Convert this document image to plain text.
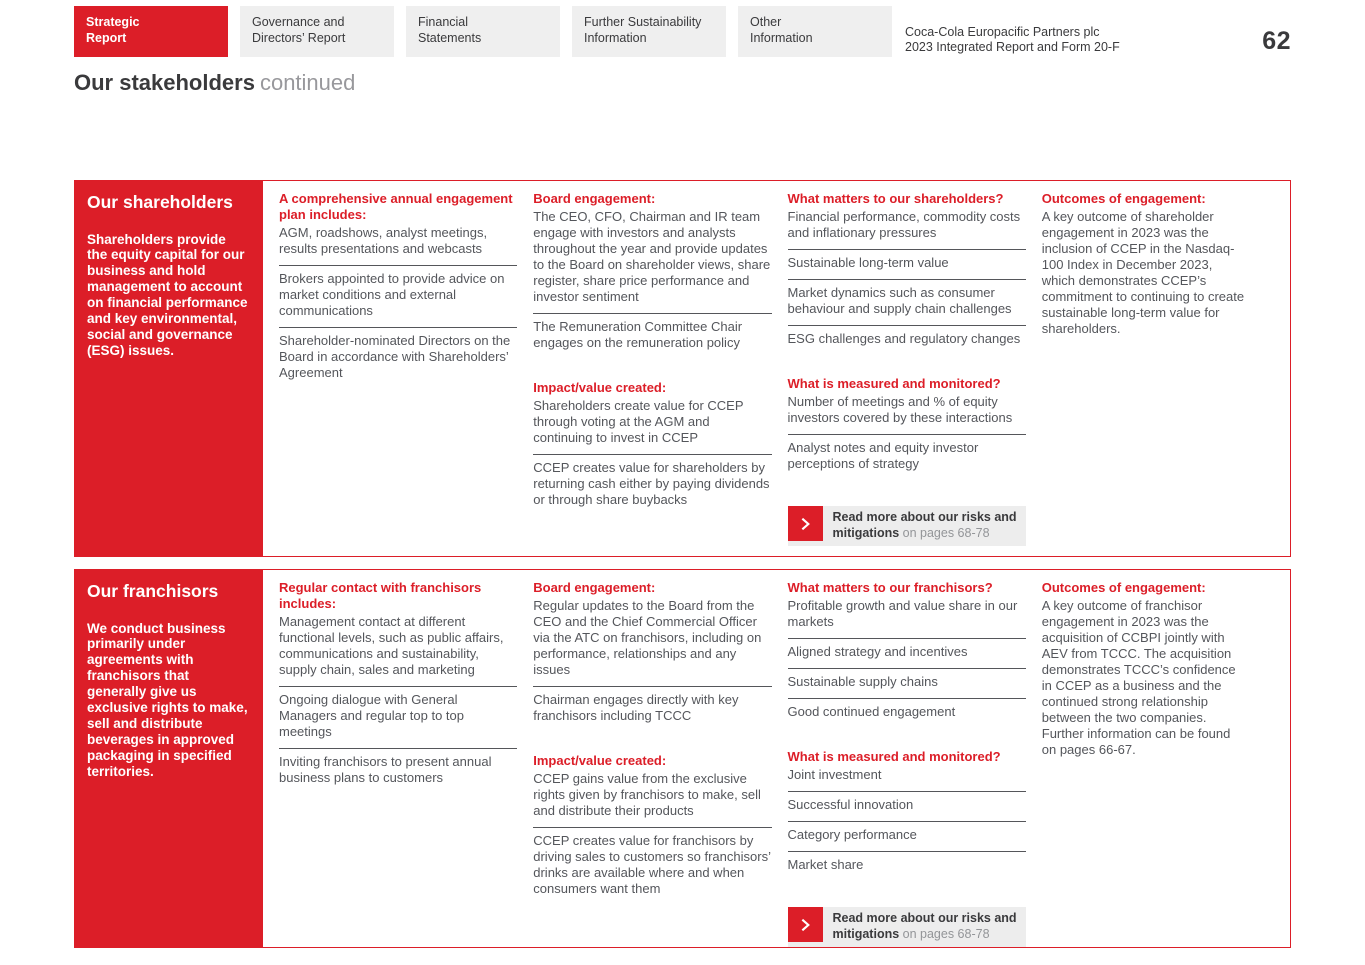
Strategic
Report
Governance and
Directors’ Report
Financial
Statements
Further Sustainability
Information
Other
Information	Coca-Cola Europacific Partners plc
2023 Integrated Report and Form 20-F	62
Our stakeholders continued
Our shareholders

Shareholders provide the equity capital for our business and hold management to account on financial performance and key environmental, social and governance (ESG) issues.

A comprehensive annual engagement plan includes:
AGM, roadshows, analyst meetings, results presentations and webcasts
Brokers appointed to provide advice on market conditions and external communications
Shareholder-nominated Directors on the Board in accordance with Shareholders’ Agreement
Board engagement:
The CEO, CFO, Chairman and IR team engage with investors and analysts throughout the year and provide updates to the Board on shareholder views, share register, share price performance and investor sentiment
The Remuneration Committee Chair engages on the remuneration policy
Impact/value created:
Shareholders create value for CCEP through voting at the AGM and continuing to invest in CCEP
CCEP creates value for shareholders by returning cash either by paying dividends or through share buybacks
What matters to our shareholders?
Financial performance, commodity costs and inflationary pressures
Sustainable long-term value
Market dynamics such as consumer behaviour and supply chain challenges
ESG challenges and regulatory changes
What is measured and monitored?
Number of meetings and % of equity investors covered by these interactions
Analyst notes and equity investor perceptions of strategy
Read more about our risks and mitigations on pages 68-78
Outcomes of engagement:

A key outcome of shareholder engagement in 2023 was the inclusion of CCEP in the Nasdaq-100 Index in December 2023, which demonstrates CCEP’s commitment to continuing to create sustainable long-term value for shareholders.

Our franchisors

We conduct business primarily under agreements with franchisors that generally give us exclusive rights to make, sell and distribute beverages in approved packaging in specified territories.

Regular contact with franchisors includes:
Management contact at different functional levels, such as public affairs, communications and sustainability, supply chain, sales and marketing
Ongoing dialogue with General Managers and regular top to top meetings
Inviting franchisors to present annual business plans to customers
Board engagement:
Regular updates to the Board from the CEO and the Chief Commercial Officer via the ATC on franchisors, including on performance, relationships and any issues
Chairman engages directly with key franchisors including TCCC
Impact/value created:
CCEP gains value from the exclusive rights given by franchisors to make, sell and distribute their products
CCEP creates value for franchisors by driving sales to customers so franchisors’ drinks are available where and when consumers want them
What matters to our franchisors?
Profitable growth and value share in our markets
Aligned strategy and incentives
Sustainable supply chains
Good continued engagement
What is measured and monitored?
Joint investment
Successful innovation
Category performance
Market share
Read more about our risks and mitigations on pages 68-78
Outcomes of engagement:

A key outcome of franchisor engagement in 2023 was the acquisition of CCBPI jointly with AEV from TCCC. The acquisition demonstrates TCCC’s confidence in CCEP as a business and the continued strong relationship between the two companies. Further information can be found on pages 66-67.
